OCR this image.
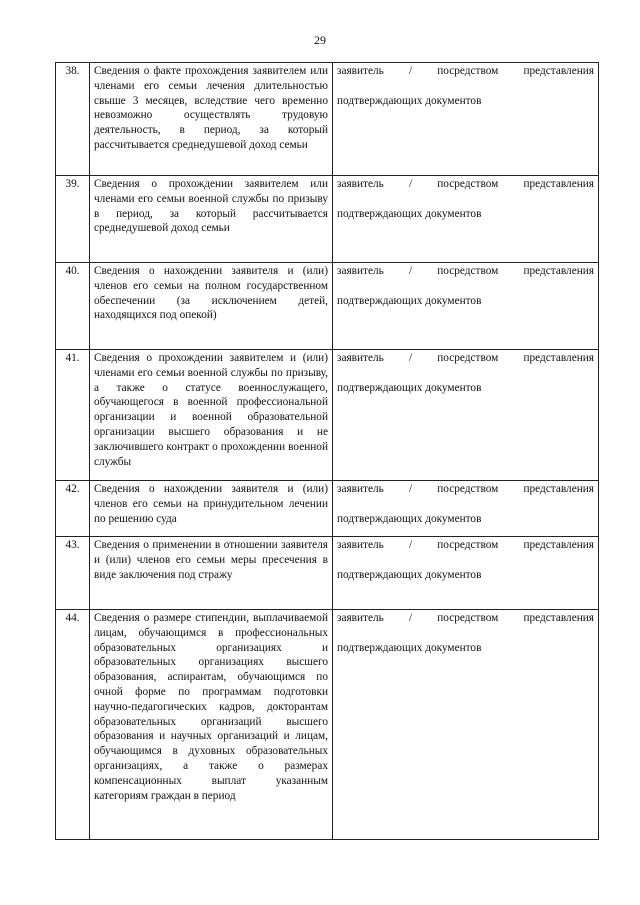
29
38.	Сведения о факте прохождения заявителем или членами его семьи лечения длительностью свыше 3 месяцев, вследствие чего временно невозможно осуществлять трудовую деятельность, в период, за который рассчитывается среднедушевой доход семьи	заявитель / посредством представления
подтверждающих документов
39.	Сведения о прохождении заявителем или членами его семьи военной службы по призыву в период, за который рассчитывается среднедушевой доход семьи	заявитель / посредством представления
подтверждающих документов
40.	Сведения о нахождении заявителя и (или) членов его семьи на полном государственном обеспечении (за исключением детей, находящихся под опекой)	заявитель / посредством представления
подтверждающих документов
41.	Сведения о прохождении заявителем и (или) членами его семьи военной службы по призыву, а также о статусе военнослужащего, обучающегося в военной профессиональной организации и военной образовательной организации высшего образования и не заключившего контракт о прохождении военной службы	заявитель / посредством представления
подтверждающих документов
42.	Сведения о нахождении заявителя и (или) членов его семьи на принудительном лечении по решению суда	заявитель / посредством представления
подтверждающих документов
43.	Сведения о применении в отношении заявителя и (или) членов его семьи меры пресечения в виде заключения под стражу	заявитель / посредством представления
подтверждающих документов
44.	Сведения о размере стипендии, выплачиваемой лицам, обучающимся в профессиональных образовательных организациях и образовательных организациях высшего образования, аспирантам, обучающимся по очной форме по программам подготовки научно-педагогических кадров, докторантам образовательных организаций высшего образования и научных организаций и лицам, обучающимся в духовных образовательных организациях, а также о размерах компенсационных выплат указанным категориям граждан в период	заявитель / посредством представления
подтверждающих документов
